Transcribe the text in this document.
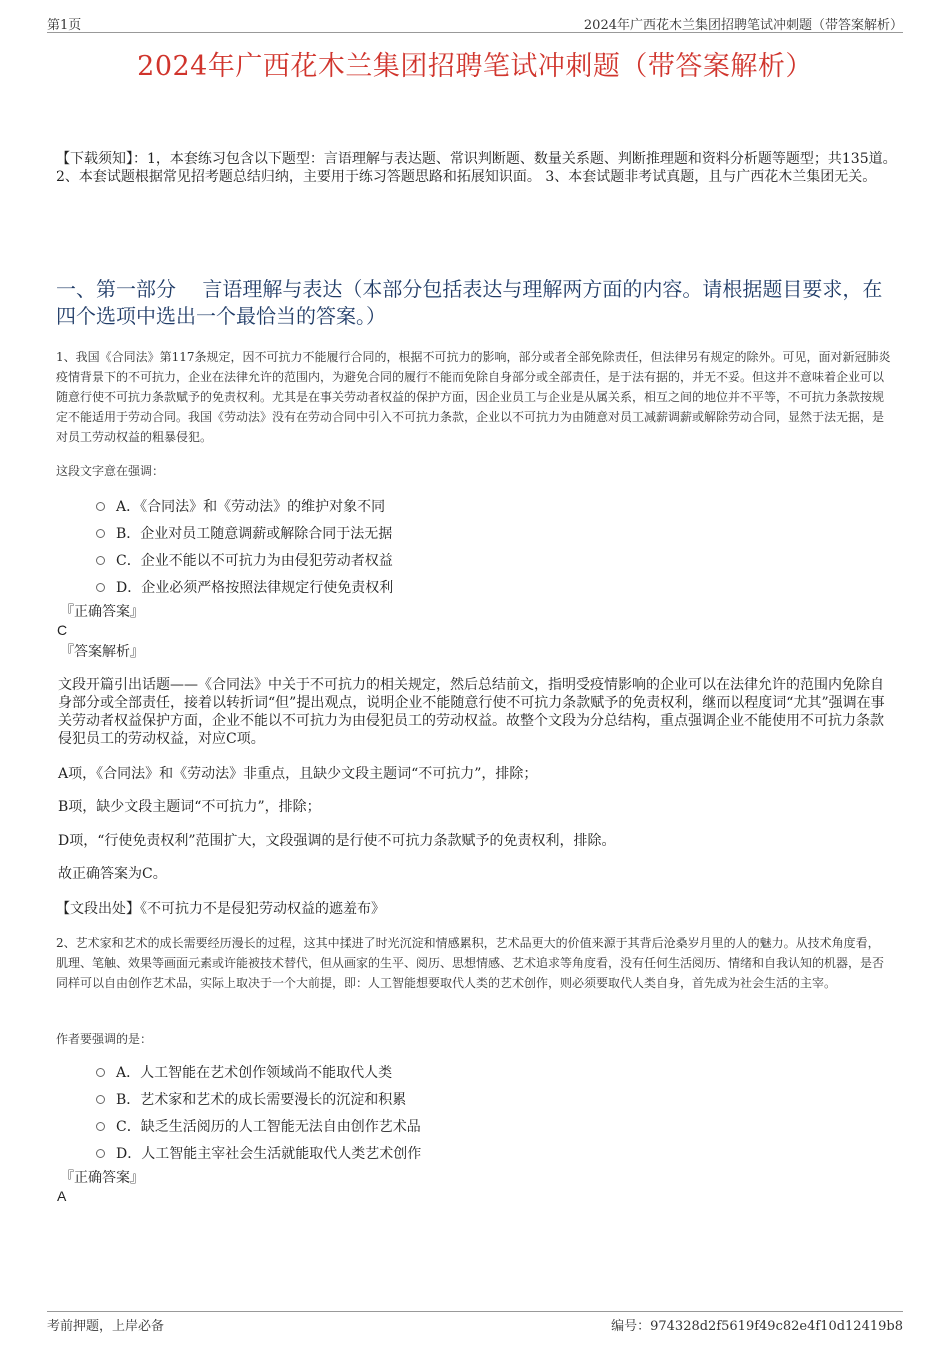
第1页	2024年广西花木兰集团招聘笔试冲刺题（带答案解析）
2024年广西花木兰集团招聘笔试冲刺题（带答案解析）
【下载须知】：1，本套练习包含以下题型：言语理解与表达题、常识判断题、数量关系题、判断推理题和资料分析题等题型；共135道。 2、本套试题根据常见招考题总结归纳，主要用于练习答题思路和拓展知识面。 3、本套试题非考试真题，且与广西花木兰集团无关。
一、第一部分　 言语理解与表达（本部分包括表达与理解两方面的内容。请根据题目要求，在四个选项中选出一个最恰当的答案。）
1、我国《合同法》第117条规定，因不可抗力不能履行合同的，根据不可抗力的影响，部分或者全部免除责任，但法律另有规定的除外。可见，面对新冠肺炎疫情背景下的不可抗力，企业在法律允许的范围内，为避免合同的履行不能而免除自身部分或全部责任，是于法有据的，并无不妥。但这并不意味着企业可以随意行使不可抗力条款赋予的免责权利。尤其是在事关劳动者权益的保护方面，因企业员工与企业是从属关系，相互之间的地位并不平等，不可抗力条款按规定不能适用于劳动合同。我国《劳动法》没有在劳动合同中引入不可抗力条款，企业以不可抗力为由随意对员工减薪调薪或解除劳动合同，显然于法无据，是对员工劳动权益的粗暴侵犯。
这段文字意在强调：
A．《合同法》和《劳动法》的维护对象不同
B．企业对员工随意调薪或解除合同于法无据
C．企业不能以不可抗力为由侵犯劳动者权益
D．企业必须严格按照法律规定行使免责权利
『正确答案』
C
『答案解析』
文段开篇引出话题——《合同法》中关于不可抗力的相关规定，然后总结前文，指明受疫情影响的企业可以在法律允许的范围内免除自身部分或全部责任，接着以转折词“但”提出观点，说明企业不能随意行使不可抗力条款赋予的免责权利，继而以程度词“尤其”强调在事关劳动者权益保护方面，企业不能以不可抗力为由侵犯员工的劳动权益。故整个文段为分总结构，重点强调企业不能使用不可抗力条款侵犯员工的劳动权益，对应C项。
A项，《合同法》和《劳动法》非重点，且缺少文段主题词“不可抗力”，排除；
B项，缺少文段主题词“不可抗力”，排除；
D项，“行使免责权利”范围扩大，文段强调的是行使不可抗力条款赋予的免责权利，排除。
故正确答案为C。
【文段出处】《不可抗力不是侵犯劳动权益的遮羞布》
2、艺术家和艺术的成长需要经历漫长的过程，这其中揉进了时光沉淀和情感累积，艺术品更大的价值来源于其背后沧桑岁月里的人的魅力。从技术角度看，肌理、笔触、效果等画面元素或许能被技术替代，但从画家的生平、阅历、思想情感、艺术追求等角度看，没有任何生活阅历、情绪和自我认知的机器，是否同样可以自由创作艺术品，实际上取决于一个大前提，即：人工智能想要取代人类的艺术创作，则必须要取代人类自身，首先成为社会生活的主宰。
作者要强调的是：
A．人工智能在艺术创作领域尚不能取代人类
B．艺术家和艺术的成长需要漫长的沉淀和积累
C．缺乏生活阅历的人工智能无法自由创作艺术品
D．人工智能主宰社会生活就能取代人类艺术创作
『正确答案』
A
考前押题，上岸必备	编号：974328d2f5619f49c82e4f10d12419b8
